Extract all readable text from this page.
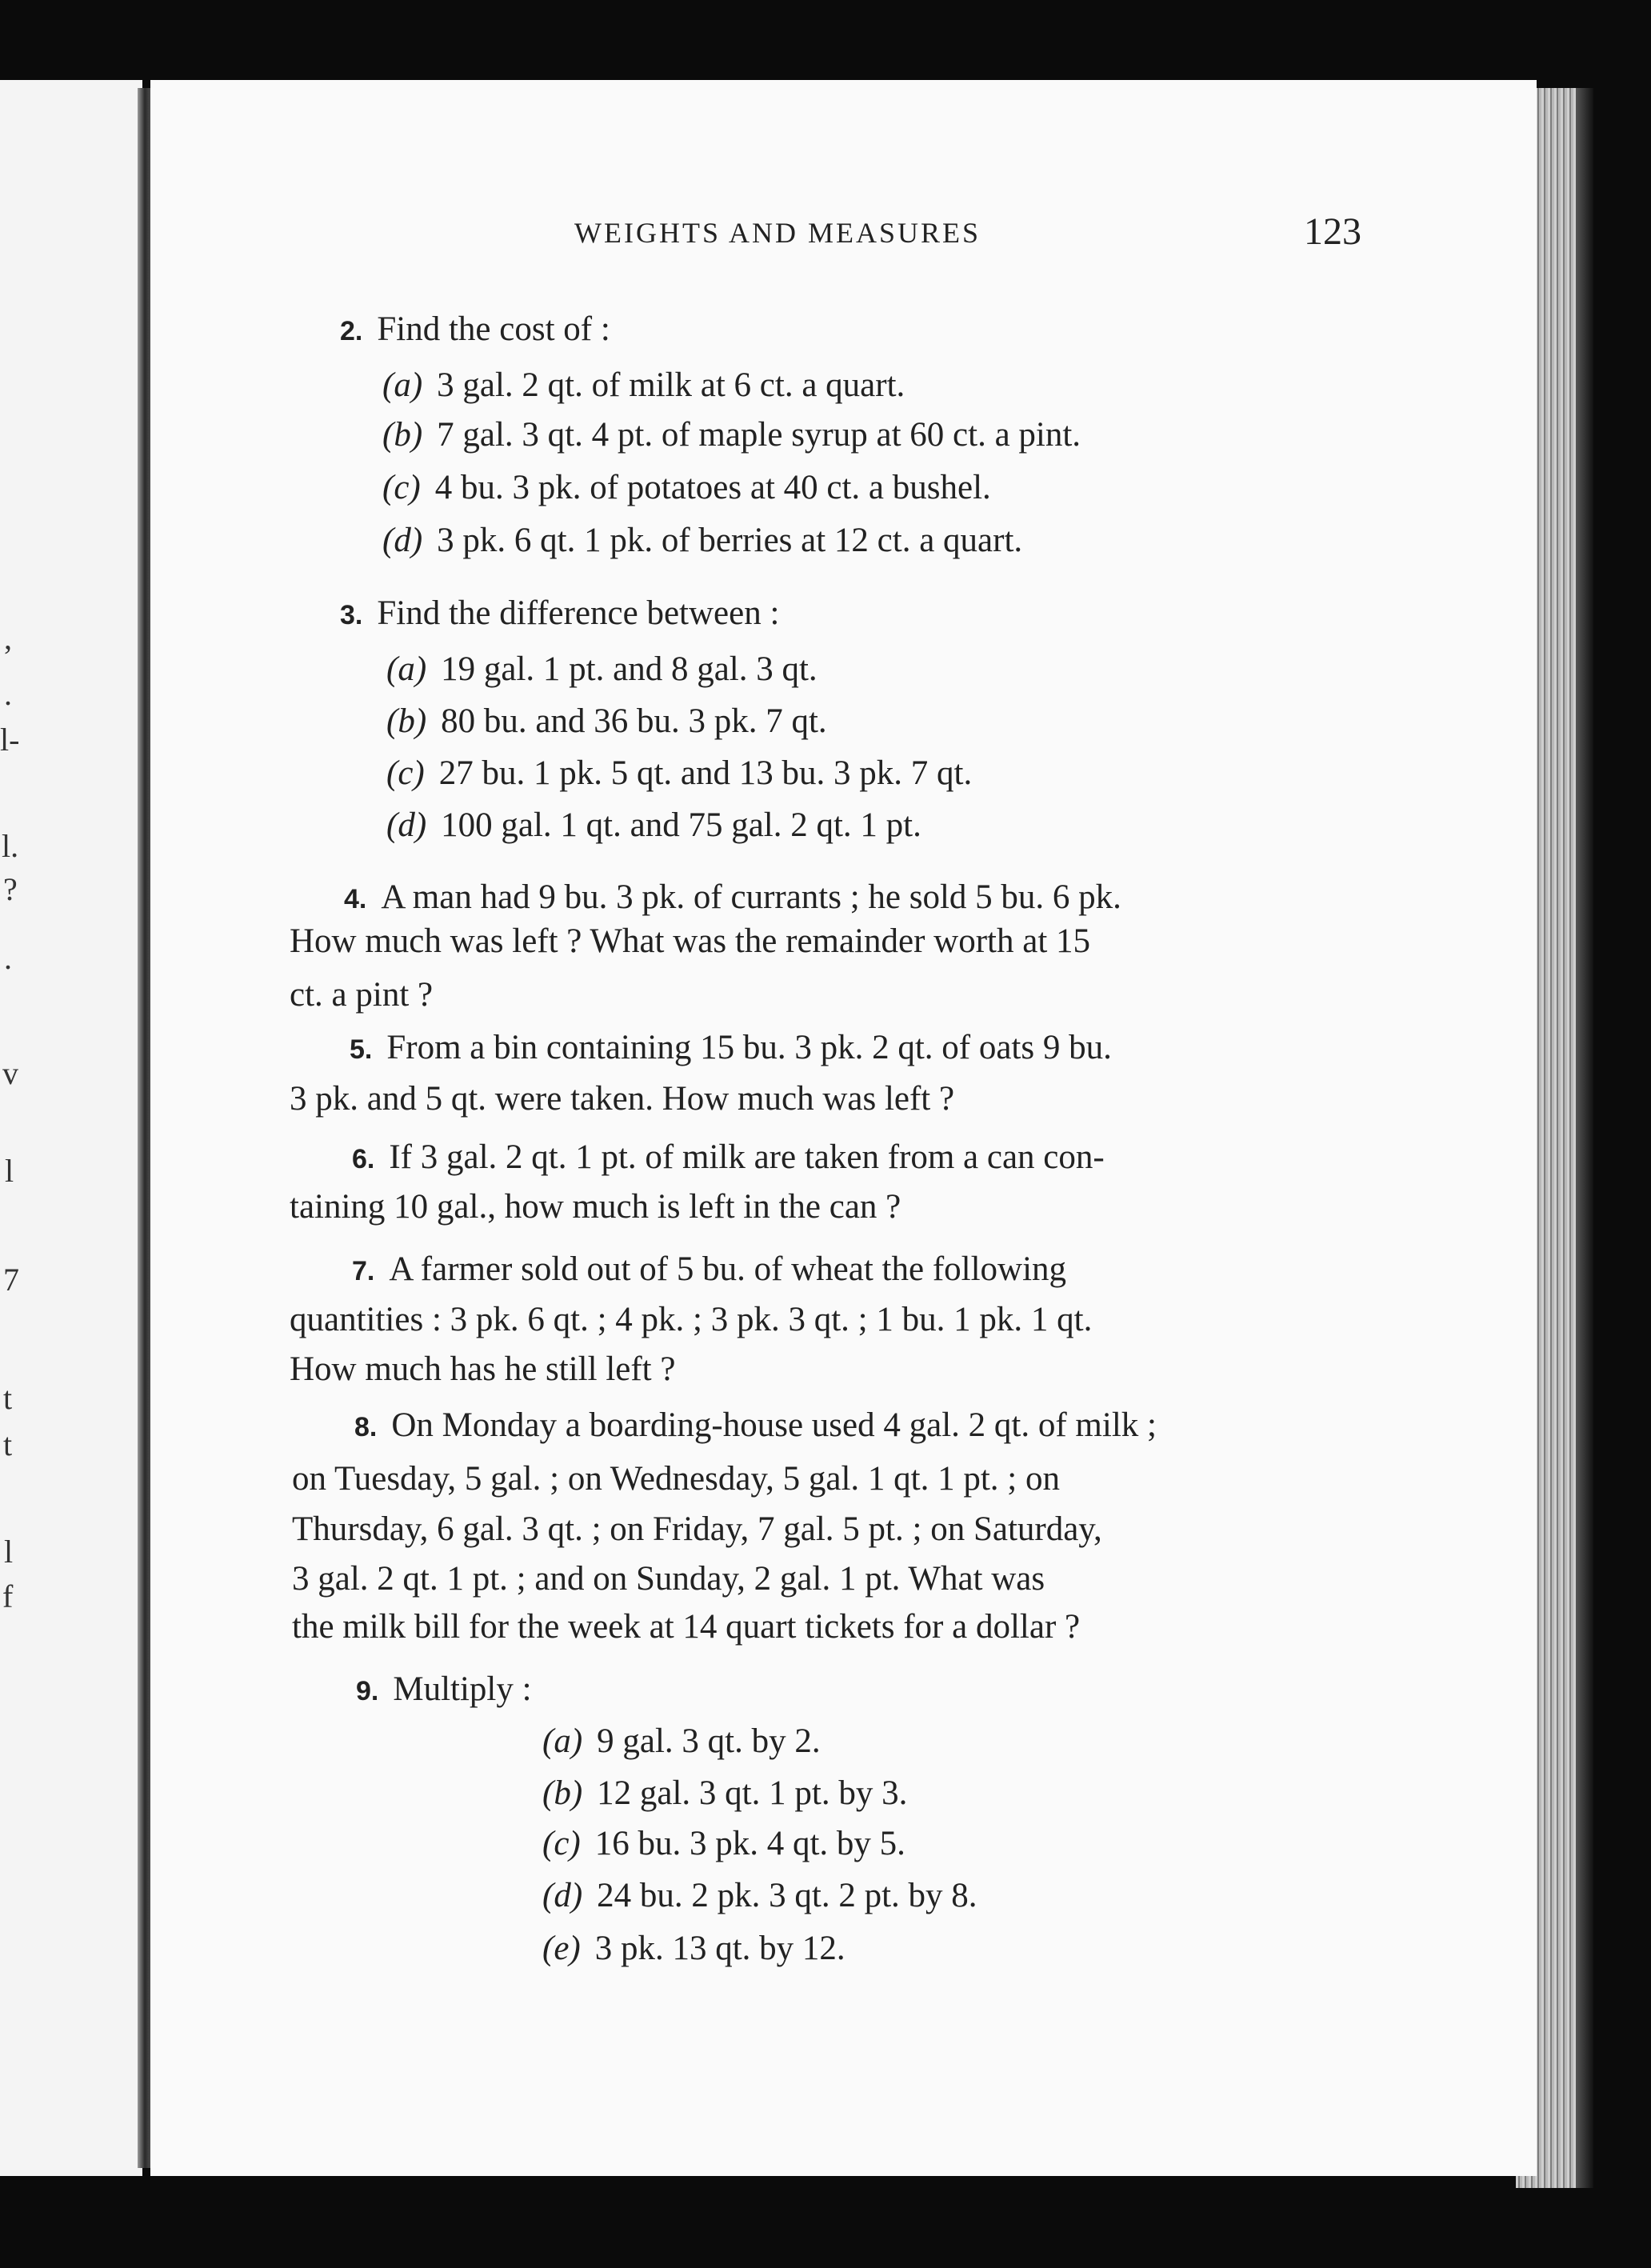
,
.
l-
l.
?
.
v
l
7
t
t
l
f
WEIGHTS AND MEASURES	123
2. Find the cost of :
(a) 3 gal. 2 qt. of milk at 6 ct. a quart.
(b) 7 gal. 3 qt. 4 pt. of maple syrup at 60 ct. a pint.
(c) 4 bu. 3 pk. of potatoes at 40 ct. a bushel.
(d) 3 pk. 6 qt. 1 pk. of berries at 12 ct. a quart.
3. Find the difference between :
(a) 19 gal. 1 pt. and 8 gal. 3 qt.
(b) 80 bu. and 36 bu. 3 pk. 7 qt.
(c) 27 bu. 1 pk. 5 qt. and 13 bu. 3 pk. 7 qt.
(d) 100 gal. 1 qt. and 75 gal. 2 qt. 1 pt.
4. A man had 9 bu. 3 pk. of currants ; he sold 5 bu. 6 pk.
How much was left ? What was the remainder worth at 15
ct. a pint ?
5. From a bin containing 15 bu. 3 pk. 2 qt. of oats 9 bu.
3 pk. and 5 qt. were taken. How much was left ?
6. If 3 gal. 2 qt. 1 pt. of milk are taken from a can con-
taining 10 gal., how much is left in the can ?
7. A farmer sold out of 5 bu. of wheat the following
quantities : 3 pk. 6 qt. ; 4 pk. ; 3 pk. 3 qt. ; 1 bu. 1 pk. 1 qt.
How much has he still left ?
8. On Monday a boarding-house used 4 gal. 2 qt. of milk ;
on Tuesday, 5 gal. ; on Wednesday, 5 gal. 1 qt. 1 pt. ; on
Thursday, 6 gal. 3 qt. ; on Friday, 7 gal. 5 pt. ; on Saturday,
3 gal. 2 qt. 1 pt. ; and on Sunday, 2 gal. 1 pt. What was
the milk bill for the week at 14 quart tickets for a dollar ?
9. Multiply :
(a) 9 gal. 3 qt. by 2.
(b) 12 gal. 3 qt. 1 pt. by 3.
(c) 16 bu. 3 pk. 4 qt. by 5.
(d) 24 bu. 2 pk. 3 qt. 2 pt. by 8.
(e) 3 pk. 13 qt. by 12.
